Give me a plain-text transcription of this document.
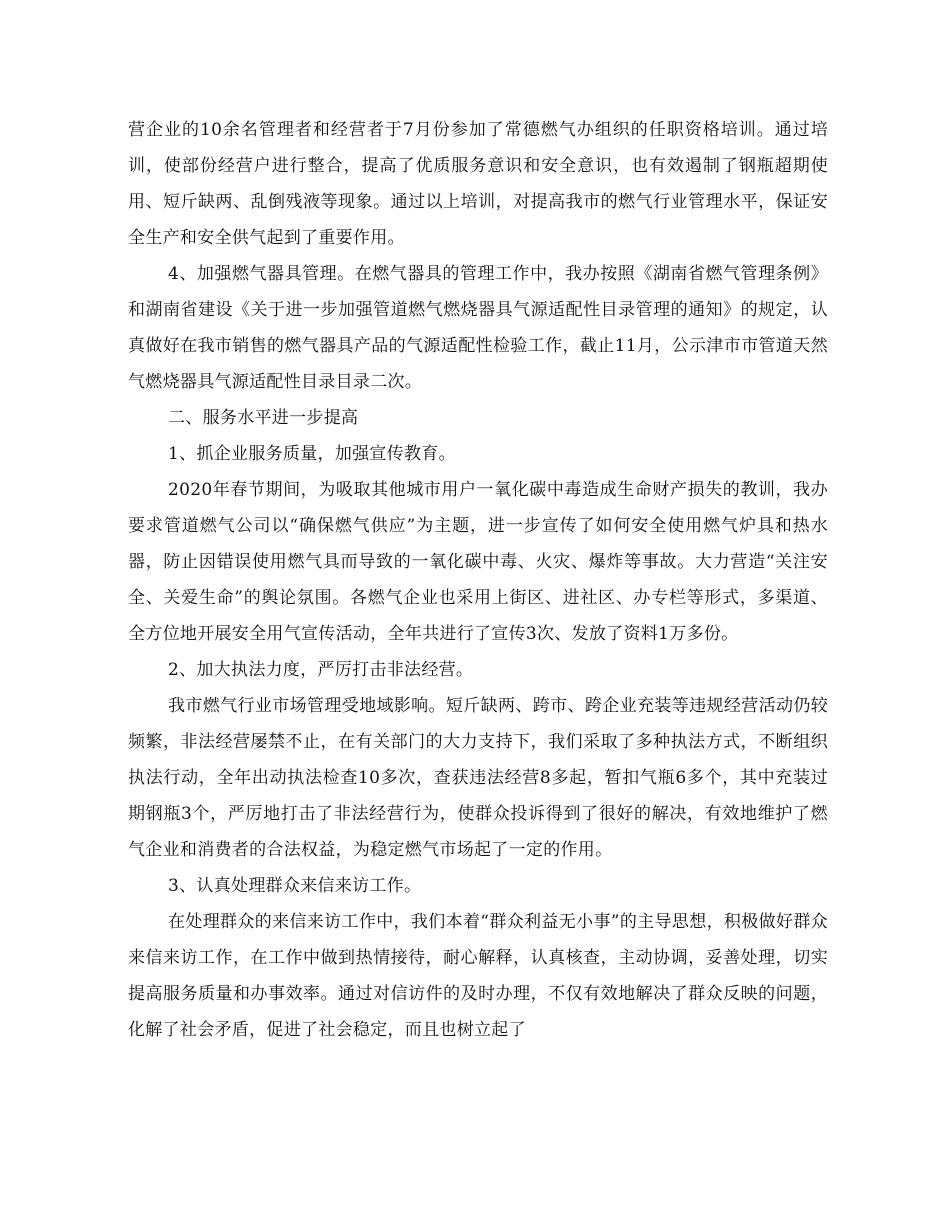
营企业的10余名管理者和经营者于7月份参加了常德燃气办组织的任职资格培训。通过培训，使部份经营户进行整合，提高了优质服务意识和安全意识，也有效遏制了钢瓶超期使用、短斤缺两、乱倒残液等现象。通过以上培训，对提高我市的燃气行业管理水平，保证安全生产和安全供气起到了重要作用。

4、加强燃气器具管理。在燃气器具的管理工作中，我办按照《湖南省燃气管理条例》和湖南省建设《关于进一步加强管道燃气燃烧器具气源适配性目录管理的通知》的规定，认真做好在我市销售的燃气器具产品的气源适配性检验工作，截止11月，公示津市市管道天然气燃烧器具气源适配性目录目录二次。

二、服务水平进一步提高

1、抓企业服务质量，加强宣传教育。

2020年春节期间，为吸取其他城市用户一氧化碳中毒造成生命财产损失的教训，我办要求管道燃气公司以“确保燃气供应”为主题，进一步宣传了如何安全使用燃气炉具和热水器，防止因错误使用燃气具而导致的一氧化碳中毒、火灾、爆炸等事故。大力营造“关注安全、关爱生命”的舆论氛围。各燃气企业也采用上街区、进社区、办专栏等形式，多渠道、全方位地开展安全用气宣传活动，全年共进行了宣传3次、发放了资料1万多份。

2、加大执法力度，严厉打击非法经营。

我市燃气行业市场管理受地域影响。短斤缺两、跨市、跨企业充装等违规经营活动仍较频繁，非法经营屡禁不止，在有关部门的大力支持下，我们采取了多种执法方式，不断组织执法行动，全年出动执法检查10多次，查获违法经营8多起，暂扣气瓶6多个，其中充装过期钢瓶3个，严厉地打击了非法经营行为，使群众投诉得到了很好的解决，有效地维护了燃气企业和消费者的合法权益，为稳定燃气市场起了一定的作用。

3、认真处理群众来信来访工作。

在处理群众的来信来访工作中，我们本着“群众利益无小事”的主导思想，积极做好群众来信来访工作，在工作中做到热情接待，耐心解释，认真核查，主动协调，妥善处理，切实提高服务质量和办事效率。通过对信访件的及时办理，不仅有效地解决了群众反映的问题，化解了社会矛盾，促进了社会稳定，而且也树立起了
